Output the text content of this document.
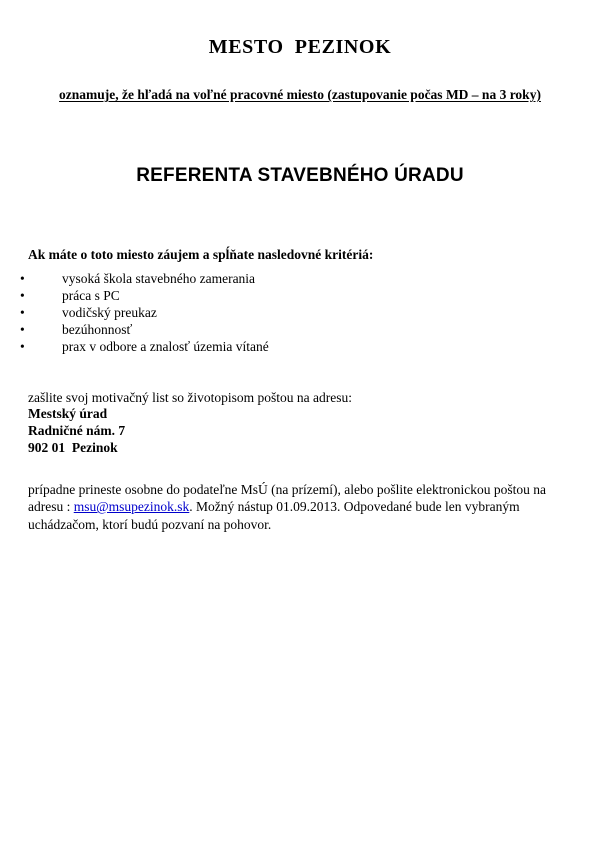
MESTO  PEZINOK
oznamuje, že hľadá na voľné pracovné miesto (zastupovanie počas MD – na 3 roky)
REFERENTA STAVEBNÉHO ÚRADU

Ak máte o toto miesto záujem a spĺňate nasledovné kritériá:

•	vysoká škola stavebného zamerania
•	práca s PC
•	vodičský preukaz
•	bezúhonnosť
•	prax v odbore a znalosť územia vítané

zašlite svoj motivačný list so životopisom poštou na adresu:

Mestský úrad
Radničné nám. 7
902 01  Pezinok

prípadne prineste osobne do podateľne MsÚ (na prízemí), alebo pošlite elektronickou poštou na adresu : msu@msupezinok.sk. Možný nástup 01.09.2013. Odpovedané bude len vybraným uchádzačom, ktorí budú pozvaní na pohovor.
